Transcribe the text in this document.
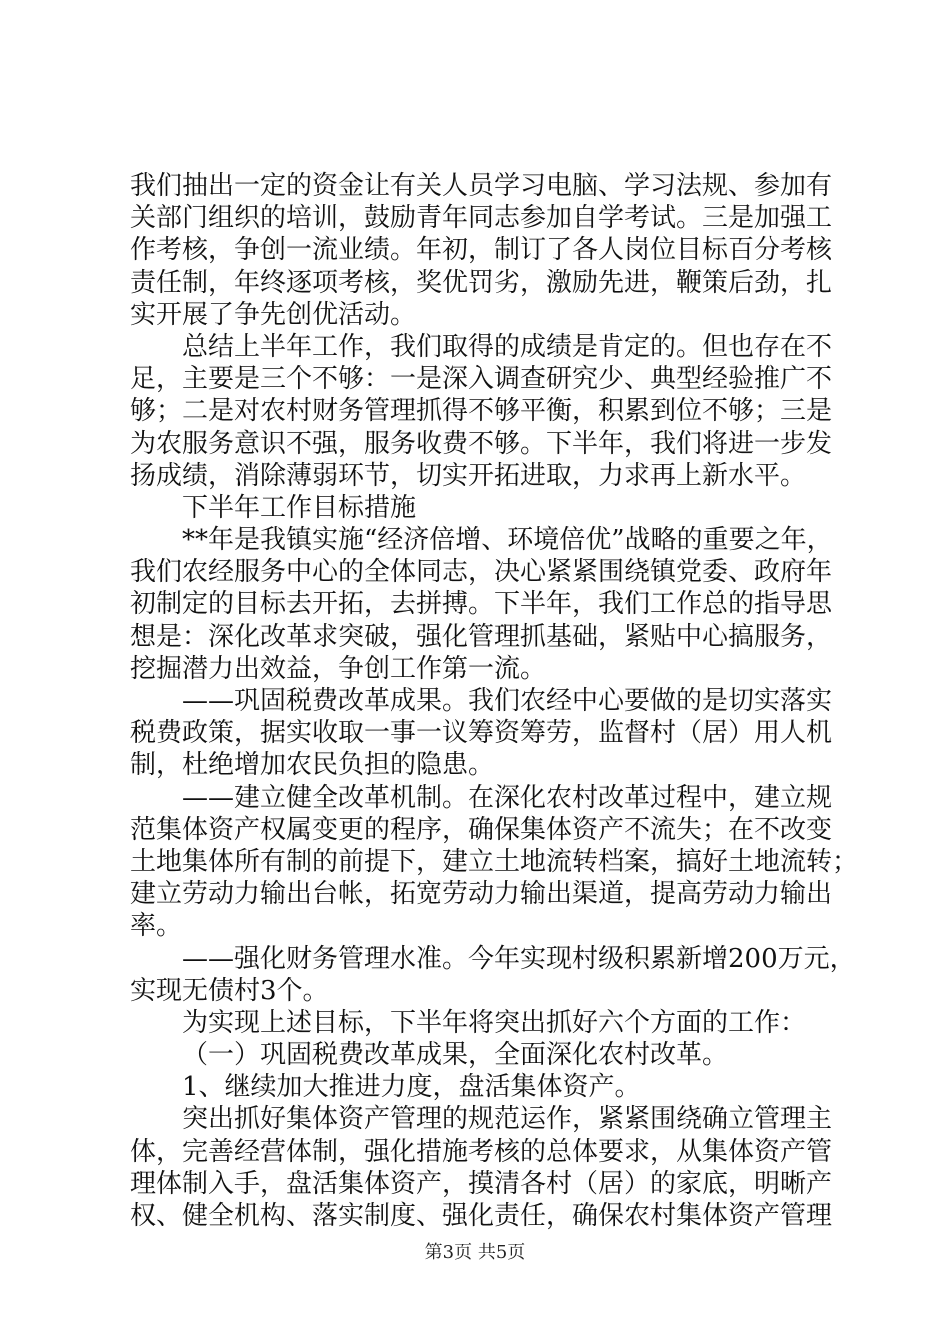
我们抽出一定的资金让有关人员学习电脑、学习法规、参加有
关部门组织的培训，鼓励青年同志参加自学考试。三是加强工
作考核，争创一流业绩。年初，制订了各人岗位目标百分考核
责任制，年终逐项考核，奖优罚劣，激励先进，鞭策后劲，扎
实开展了争先创优活动。
总结上半年工作，我们取得的成绩是肯定的。但也存在不
足，主要是三个不够：一是深入调查研究少、典型经验推广不
够；二是对农村财务管理抓得不够平衡，积累到位不够；三是
为农服务意识不强，服务收费不够。下半年，我们将进一步发
扬成绩，消除薄弱环节，切实开拓进取，力求再上新水平。
下半年工作目标措施
**年是我镇实施“经济倍增、环境倍优”战略的重要之年，
我们农经服务中心的全体同志，决心紧紧围绕镇党委、政府年
初制定的目标去开拓，去拼搏。下半年，我们工作总的指导思
想是：深化改革求突破，强化管理抓基础，紧贴中心搞服务，
挖掘潜力出效益，争创工作第一流。
——巩固税费改革成果。我们农经中心要做的是切实落实
税费政策，据实收取一事一议筹资筹劳，监督村（居）用人机
制，杜绝增加农民负担的隐患。
——建立健全改革机制。在深化农村改革过程中，建立规
范集体资产权属变更的程序，确保集体资产不流失；在不改变
土地集体所有制的前提下，建立土地流转档案，搞好土地流转；
建立劳动力输出台帐，拓宽劳动力输出渠道，提高劳动力输出
率。
——强化财务管理水准。今年实现村级积累新增200万元，
实现无债村3个。
为实现上述目标，下半年将突出抓好六个方面的工作：
（一）巩固税费改革成果，全面深化农村改革。
1、继续加大推进力度，盘活集体资产。
突出抓好集体资产管理的规范运作，紧紧围绕确立管理主
体，完善经营体制，强化措施考核的总体要求，从集体资产管
理体制入手，盘活集体资产，摸清各村（居）的家底，明晰产
权、健全机构、落实制度、强化责任，确保农村集体资产管理
第3页 共5页
